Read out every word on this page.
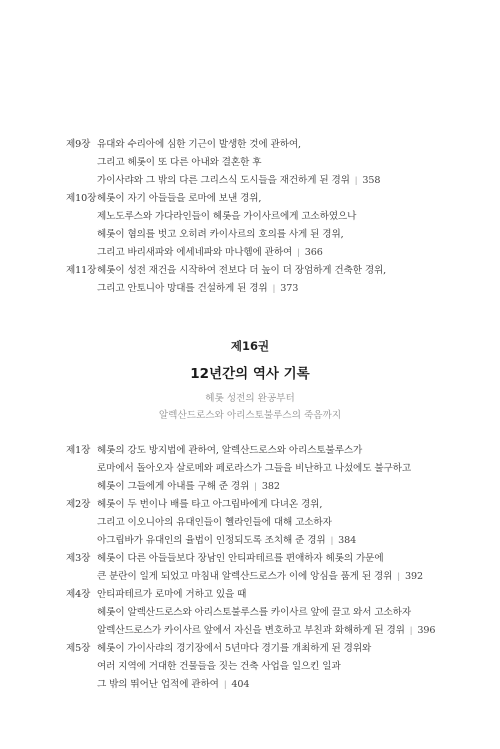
제9장 유대와 수리아에 심한 기근이 발생한 것에 관하여,
그리고 헤롯이 또 다른 아내와 결혼한 후
가이사랴와 그 밖의 다른 그리스식 도시들을 재건하게 된 경위 | 358
제10장 헤롯이 자기 아들들을 로마에 보낸 경위,
제노도루스와 가다라인들이 헤롯을 가이사르에게 고소하였으나
헤롯이 혐의를 벗고 오히려 카이사르의 호의를 사게 된 경위,
그리고 바리새파와 에세네파와 마나헴에 관하여 | 366
제11장 헤롯이 성전 재건을 시작하여 전보다 더 높이 더 장엄하게 건축한 경위,
그리고 안토니아 망대를 건설하게 된 경위 | 373
제16권
12년간의 역사 기록
헤롯 성전의 완공부터
알렉산드로스와 아리스토불루스의 죽음까지
제1장 헤롯의 강도 방지법에 관하여, 알렉산드로스와 아리스토불루스가
로마에서 돌아오자 살로메와 페로라스가 그들을 비난하고 나섰에도 불구하고
헤롯이 그들에게 아내를 구해 준 경위 | 382
제2장 헤롯이 두 번이나 배를 타고 아그립바에게 다녀온 경위,
그리고 이오니아의 유대인들이 헬라인들에 대해 고소하자
아그립바가 유대인의 율법이 인정되도록 조치해 준 경위 | 384
제3장 헤롯이 다른 아들들보다 장남인 안티파테르를 편애하자 헤롯의 가문에
큰 분란이 일게 되었고 마침내 알렉산드로스가 이에 앙심을 품게 된 경위 | 392
제4장 안티파테르가 로마에 거하고 있을 때
헤롯이 알렉산드로스와 아리스토불루스를 카이사르 앞에 끌고 와서 고소하자
알렉산드로스가 카이사르 앞에서 자신을 변호하고 부친과 화해하게 된 경위 | 396
제5장 헤롯이 가이사랴의 경기장에서 5년마다 경기를 개최하게 된 경위와
여러 지역에 거대한 건물들을 짓는 건축 사업을 일으킨 일과
그 밖의 뛰어난 업적에 관하여 | 404
